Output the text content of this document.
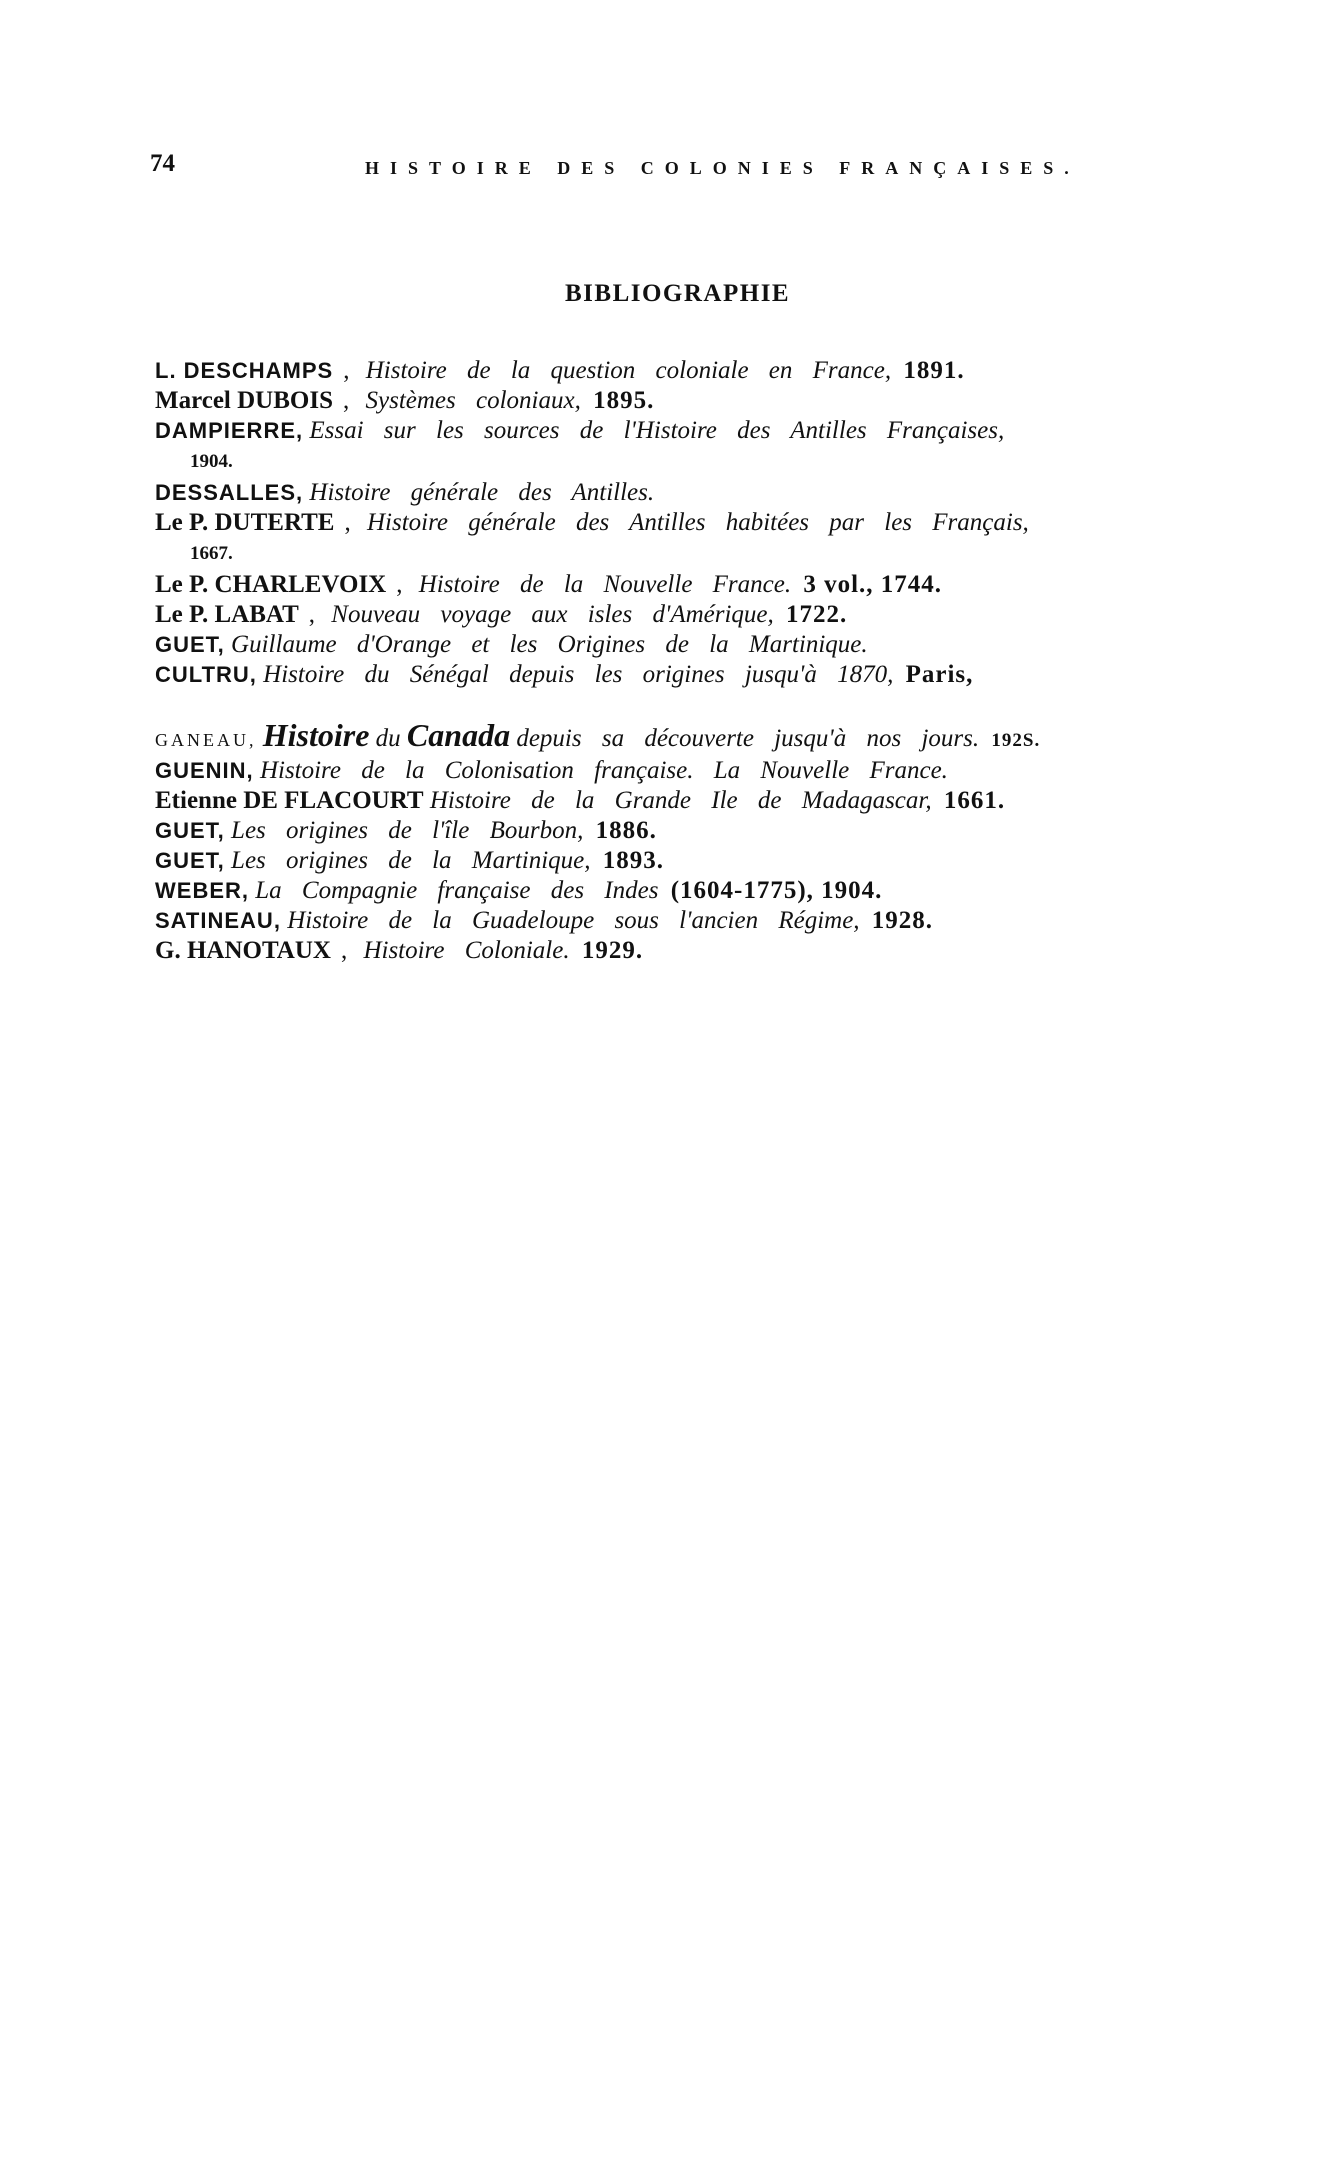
74	HISTOIRE DES COLONIES FRANÇAISES.
BIBLIOGRAPHIE
L. DESCHAMPS , Histoire de la question coloniale en France, 1891.
Marcel DUBOIS , Systèmes coloniaux, 1895.
DAMPIERRE, Essai sur les sources de l'Histoire des Antilles Françaises,
1904.
DESSALLES, Histoire générale des Antilles.
Le P. DUTERTE , Histoire générale des Antilles habitées par les Français,
1667.
Le P. CHARLEVOIX , Histoire de la Nouvelle France. 3 vol., 1744.
Le P. LABAT , Nouveau voyage aux isles d'Amérique, 1722.
GUET, Guillaume d'Orange et les Origines de la Martinique.
CULTRU, Histoire du Sénégal depuis les origines jusqu'à 1870, Paris,
GANEAU, Histoire du Canada depuis sa découverte jusqu'à nos jours. 192S.
GUENIN, Histoire de la Colonisation française. La Nouvelle France.
Etienne DE FLACOURT Histoire de la Grande Ile de Madagascar, 1661.
GUET, Les origines de l'île Bourbon, 1886.
GUET, Les origines de la Martinique, 1893.
WEBER, La Compagnie française des Indes (1604-1775), 1904.
SATINEAU, Histoire de la Guadeloupe sous l'ancien Régime, 1928.
G. HANOTAUX , Histoire Coloniale. 1929.
